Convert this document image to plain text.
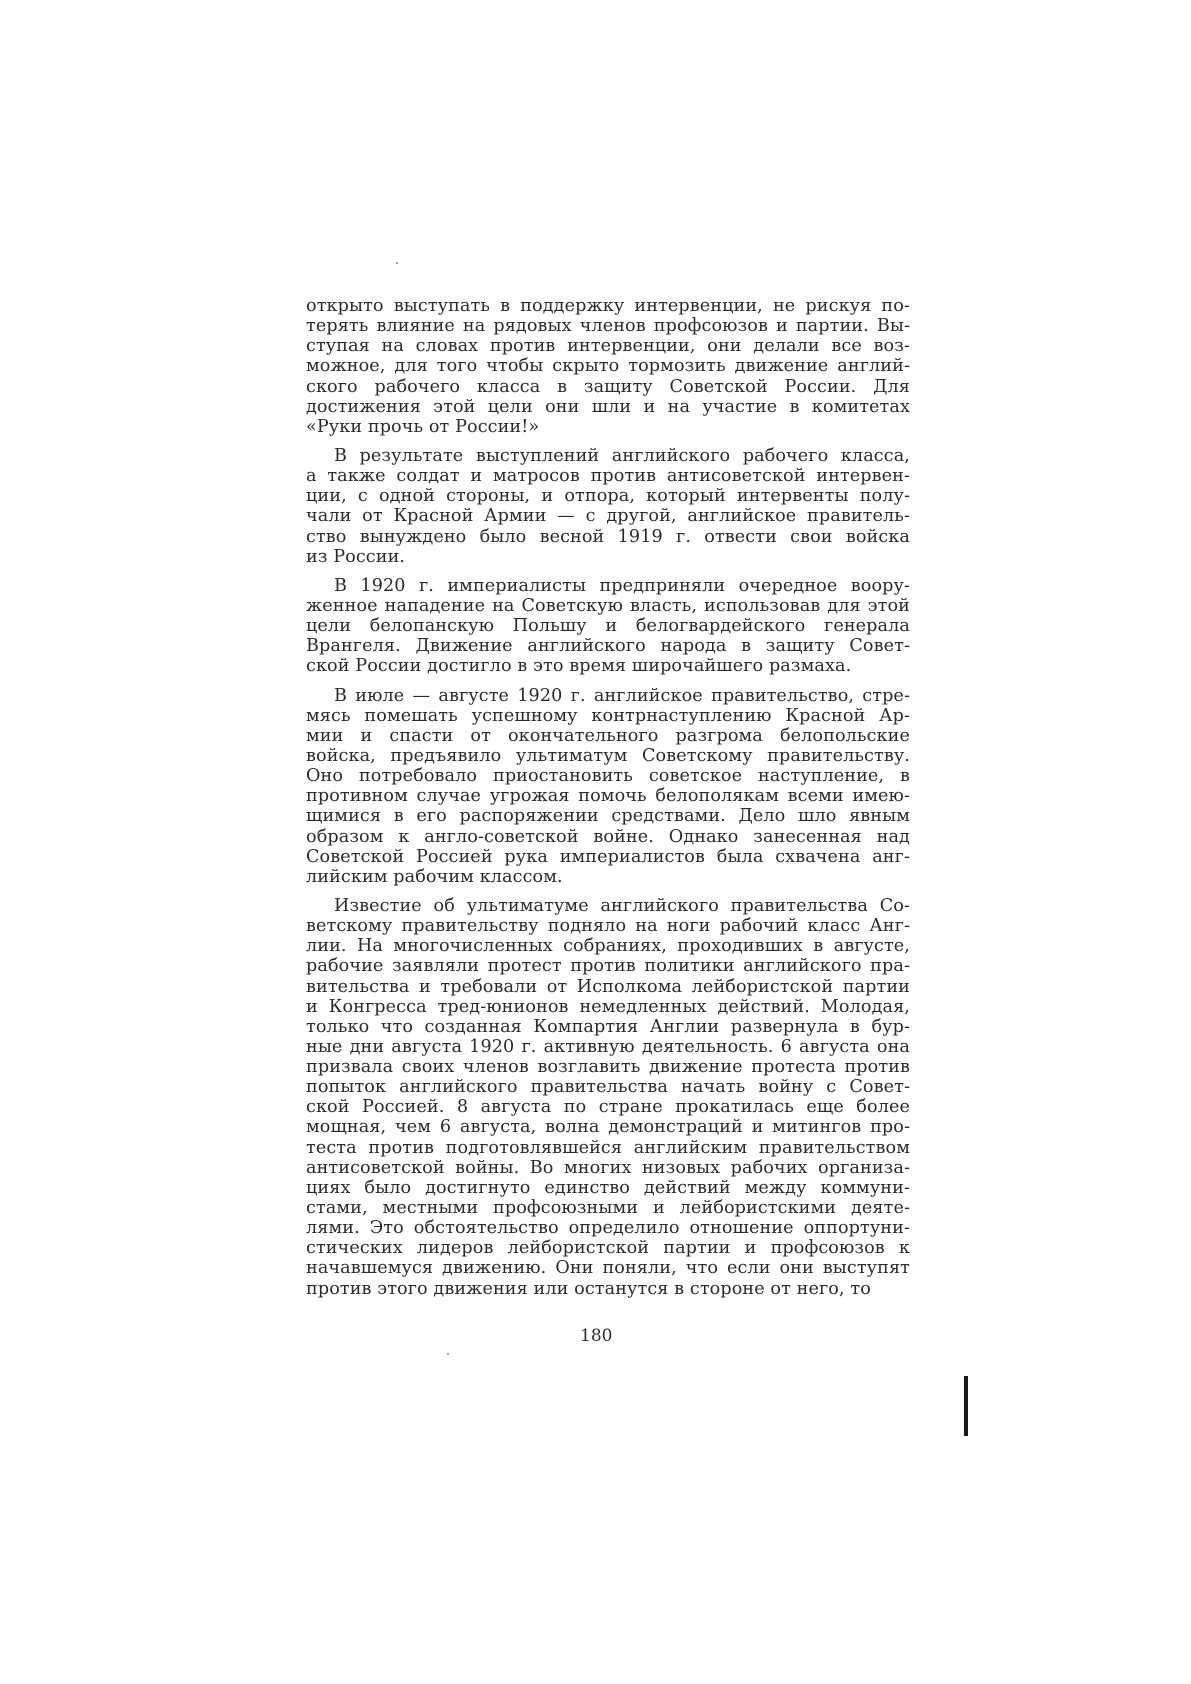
открыто выступать в поддержку интервенции, не рискуя по-
терять влияние на рядовых членов профсоюзов и партии. Вы-
ступая на словах против интервенции, они делали все воз-
можное, для того чтобы скрыто тормозить движение англий-
ского рабочего класса в защиту Советской России. Для
достижения этой цели они шли и на участие в комитетах
«Руки прочь от России!»
В результате выступлений английского рабочего класса,
а также солдат и матросов против антисоветской интервен-
ции, с одной стороны, и отпора, который интервенты полу-
чали от Красной Армии — с другой, английское правитель-
ство вынуждено было весной 1919 г. отвести свои войска
из России.
В 1920 г. империалисты предприняли очередное воору-
женное нападение на Советскую власть, использовав для этой
цели белопанскую Польшу и белогвардейского генерала
Врангеля. Движение английского народа в защиту Совет-
ской России достигло в это время широчайшего размаха.
В июле — августе 1920 г. английское правительство, стре-
мясь помешать успешному контрнаступлению Красной Ар-
мии и спасти от окончательного разгрома белопольские
войска, предъявило ультиматум Советскому правительству.
Оно потребовало приостановить советское наступление, в
противном случае угрожая помочь белополякам всеми имею-
щимися в его распоряжении средствами. Дело шло явным
образом к англо-советской войне. Однако занесенная над
Советской Россией рука империалистов была схвачена анг-
лийским рабочим классом.
Известие об ультиматуме английского правительства Со-
ветскому правительству подняло на ноги рабочий класс Анг-
лии. На многочисленных собраниях, проходивших в августе,
рабочие заявляли протест против политики английского пра-
вительства и требовали от Исполкома лейбористской партии
и Конгресса тред-юнионов немедленных действий. Молодая,
только что созданная Компартия Англии развернула в бур-
ные дни августа 1920 г. активную деятельность. 6 августа она
призвала своих членов возглавить движение протеста против
попыток английского правительства начать войну с Совет-
ской Россией. 8 августа по стране прокатилась еще более
мощная, чем 6 августа, волна демонстраций и митингов про-
теста против подготовлявшейся английским правительством
антисоветской войны. Во многих низовых рабочих организа-
циях было достигнуто единство действий между коммуни-
стами, местными профсоюзными и лейбористскими деяте-
лями. Это обстоятельство определило отношение оппортуни-
стических лидеров лейбористской партии и профсоюзов к
начавшемуся движению. Они поняли, что если они выступят
против этого движения или останутся в стороне от него, то
180
